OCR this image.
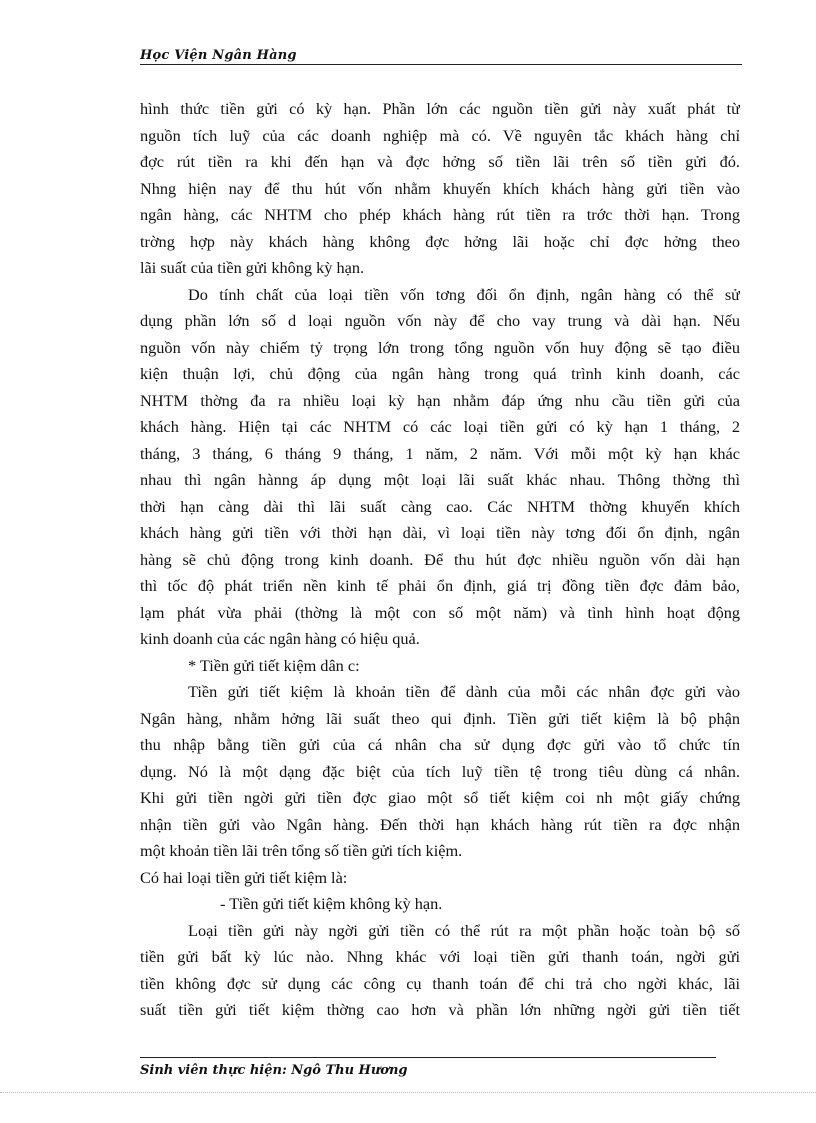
Học Viện Ngân Hàng
hình thức tiền gửi có kỳ hạn. Phần lớn các nguồn tiền gửi này xuất phát từ
nguồn tích luỹ của các doanh nghiệp mà có. Về nguyên tắc khách hàng chỉ
đợc rút tiền ra khi đến hạn và đợc hởng số tiền lãi trên số tiền gửi đó.
Nhng hiện nay để thu hút vốn nhằm khuyến khích khách hàng gửi tiền vào
ngân hàng, các NHTM cho phép khách hàng rút tiền ra trớc thời hạn. Trong
trờng hợp này khách hàng không đợc hởng lãi hoặc chỉ đợc hởng theo
lãi suất của tiền gửi không kỳ hạn.
Do tính chất của loại tiền vốn tơng đối ổn định, ngân hàng có thể sử
dụng phần lớn số d loại nguồn vốn này để cho vay trung và dài hạn. Nếu
nguồn vốn này chiếm tỷ trọng lớn trong tổng nguồn vốn huy động sẽ tạo điều
kiện thuận lợi, chủ động của ngân hàng trong quá trình kinh doanh, các
NHTM thờng đa ra nhiều loại kỳ hạn nhằm đáp ứng nhu cầu tiền gửi của
khách hàng. Hiện tại các NHTM có các loại tiền gửi có kỳ hạn 1 tháng, 2
tháng, 3 tháng, 6 tháng 9 tháng, 1 năm, 2 năm. Với mỗi một kỳ hạn khác
nhau thì ngân hànng áp dụng một loại lãi suất khác nhau. Thông thờng thì
thời hạn càng dài thì lãi suất càng cao. Các NHTM thờng khuyến khích
khách hàng gửi tiền với thời hạn dài, vì loại tiền này tơng đối ổn định, ngân
hàng sẽ chủ động trong kinh doanh. Để thu hút đợc nhiều nguồn vốn dài hạn
thì tốc độ phát triển nền kinh tế phải ổn định, giá trị đồng tiền đợc đảm bảo,
lạm phát vừa phải (thờng là một con số một năm) và tình hình hoạt động
kinh doanh của các ngân hàng có hiệu quả.
* Tiền gửi tiết kiệm dân c:
Tiền gửi tiết kiệm là khoản tiền để dành của mỗi các nhân đợc gửi vào
Ngân hàng, nhằm hởng lãi suất theo qui định. Tiền gửi tiết kiệm là bộ phận
thu nhập bằng tiền gửi của cá nhân cha sử dụng đợc gửi vào tổ chức tín
dụng. Nó là một dạng đặc biệt của tích luỹ tiền tệ trong tiêu dùng cá nhân.
Khi gửi tiền ngời gửi tiền đợc giao một sổ tiết kiệm coi nh một giấy chứng
nhận tiền gửi vào Ngân hàng. Đến thời hạn khách hàng rút tiền ra đợc nhận
một khoản tiền lãi trên tổng số tiền gửi tích kiệm.
Có hai loại tiền gửi tiết kiệm là:
- Tiền gửi tiết kiệm không kỳ hạn.
Loại tiền gửi này ngời gửi tiền có thể rút ra một phần hoặc toàn bộ số
tiền gửi bất kỳ lúc nào. Nhng khác với loại tiền gửi thanh toán, ngời gửi
tiền không đợc sử dụng các công cụ thanh toán để chi trả cho ngời khác, lãi
suất tiền gửi tiết kiệm thờng cao hơn và phần lớn những ngời gửi tiền tiết
Sinh viên thực hiện: Ngô Thu Hương
